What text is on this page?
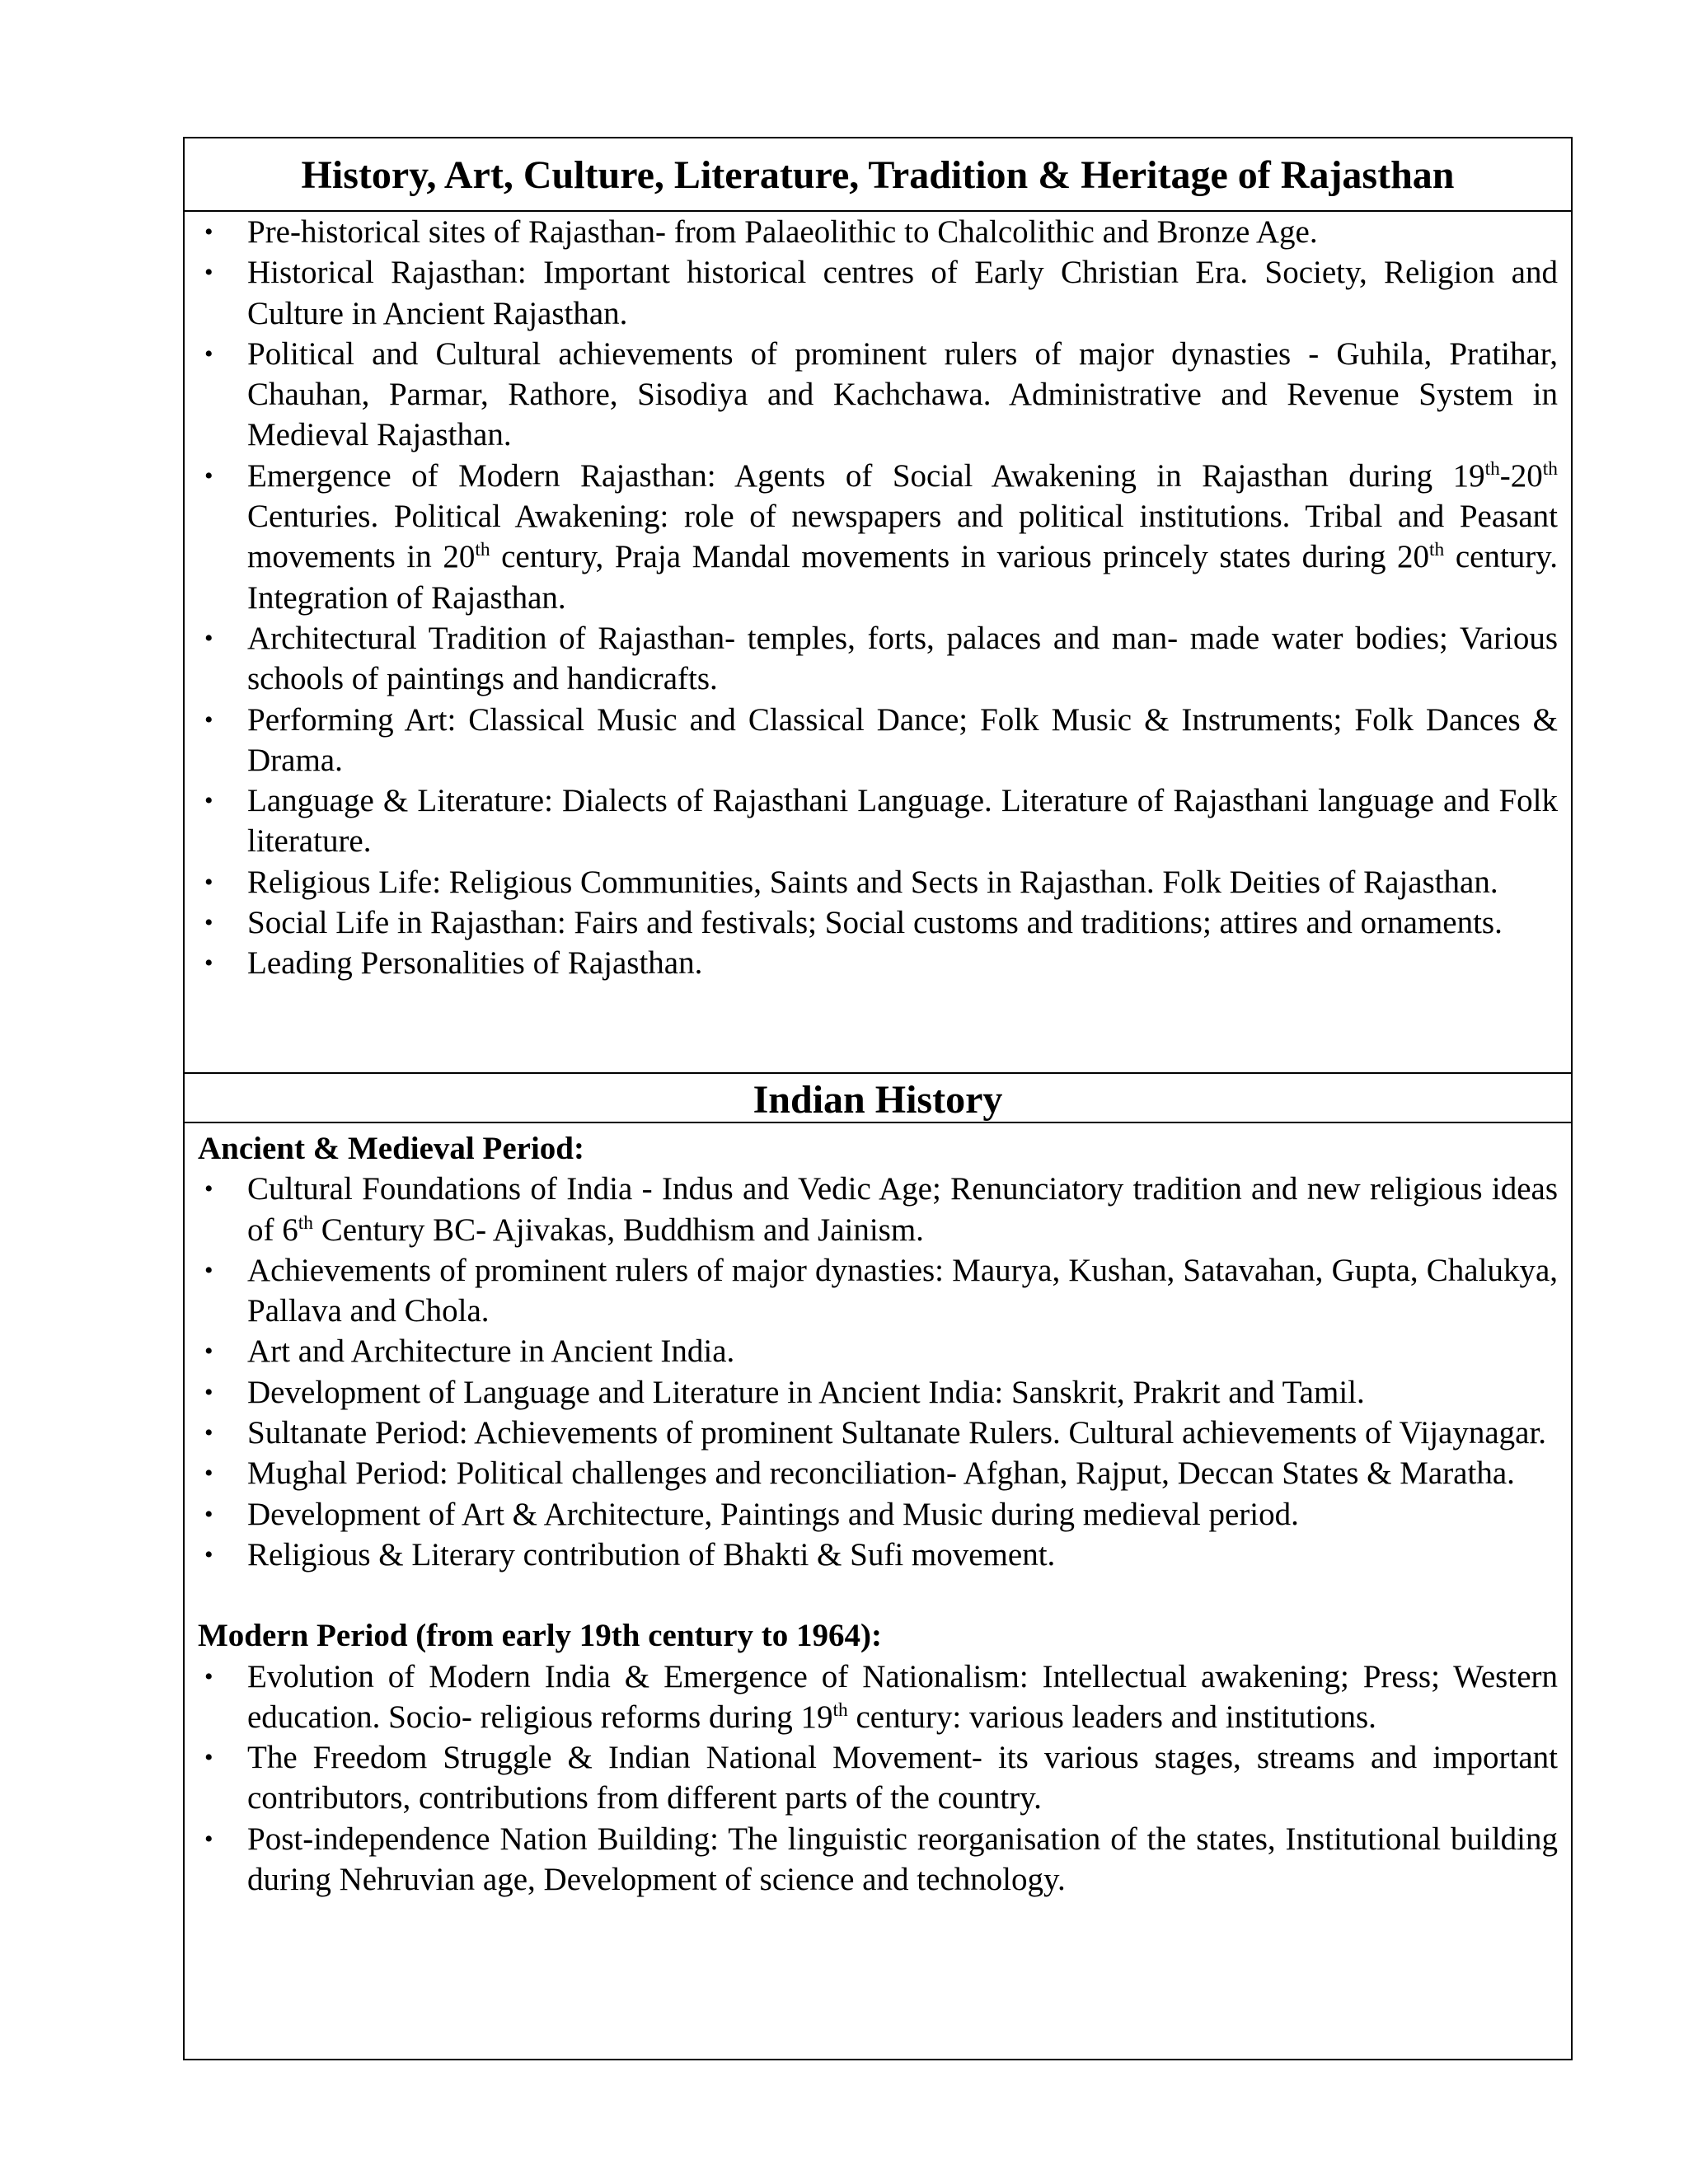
History, Art, Culture, Literature, Tradition & Heritage of Rajasthan
• Pre-historical sites of Rajasthan- from Palaeolithic to Chalcolithic and Bronze Age.
• Historical Rajasthan: Important historical centres of Early Christian Era. Society, Religion and Culture in Ancient Rajasthan.
• Political and Cultural achievements of prominent rulers of major dynasties - Guhila, Pratihar, Chauhan, Parmar, Rathore, Sisodiya and Kachchawa. Administrative and Revenue System in Medieval Rajasthan.
• Emergence of Modern Rajasthan: Agents of Social Awakening in Rajasthan during 19th-20th Centuries. Political Awakening: role of newspapers and political institutions. Tribal and Peasant movements in 20th century, Praja Mandal movements in various princely states during 20th century. Integration of Rajasthan.
• Architectural Tradition of Rajasthan- temples, forts, palaces and man- made water bodies; Various schools of paintings and handicrafts.
• Performing Art: Classical Music and Classical Dance; Folk Music & Instruments; Folk Dances & Drama.
• Language & Literature: Dialects of Rajasthani Language. Literature of Rajasthani language and Folk literature.
• Religious Life: Religious Communities, Saints and Sects in Rajasthan. Folk Deities of Rajasthan.
• Social Life in Rajasthan: Fairs and festivals; Social customs and traditions; attires and ornaments.
• Leading Personalities of Rajasthan.
Indian History
Ancient & Medieval Period:
• Cultural Foundations of India - Indus and Vedic Age; Renunciatory tradition and new religious ideas of 6th Century BC- Ajivakas, Buddhism and Jainism.
• Achievements of prominent rulers of major dynasties: Maurya, Kushan, Satavahan, Gupta, Chalukya, Pallava and Chola.
• Art and Architecture in Ancient India.
• Development of Language and Literature in Ancient India: Sanskrit, Prakrit and Tamil.
• Sultanate Period: Achievements of prominent Sultanate Rulers. Cultural achievements of Vijaynagar.
• Mughal Period: Political challenges and reconciliation- Afghan, Rajput, Deccan States & Maratha.
• Development of Art & Architecture, Paintings and Music during medieval period.
• Religious & Literary contribution of Bhakti & Sufi movement.
Modern Period (from early 19th century to 1964):
• Evolution of Modern India & Emergence of Nationalism: Intellectual awakening; Press; Western education. Socio- religious reforms during 19th century: various leaders and institutions.
• The Freedom Struggle & Indian National Movement- its various stages, streams and important contributors, contributions from different parts of the country.
• Post-independence Nation Building: The linguistic reorganisation of the states, Institutional building during Nehruvian age, Development of science and technology.
